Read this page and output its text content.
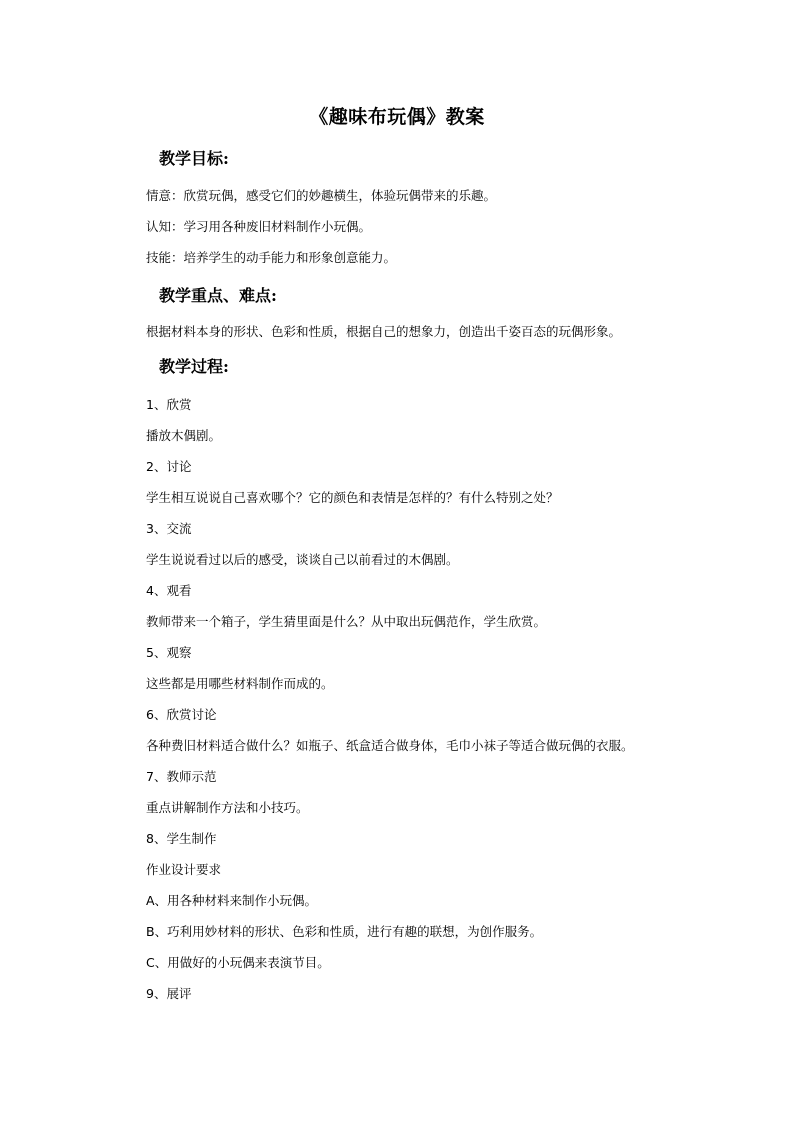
《趣味布玩偶》教案
教学目标:
情意：欣赏玩偶，感受它们的妙趣横生，体验玩偶带来的乐趣。
认知：学习用各种废旧材料制作小玩偶。
技能：培养学生的动手能力和形象创意能力。
教学重点、难点:
根据材料本身的形状、色彩和性质，根据自己的想象力，创造出千姿百态的玩偶形象。
教学过程:
1、欣赏
播放木偶剧。
2、讨论
学生相互说说自己喜欢哪个？它的颜色和表情是怎样的？有什么特别之处？
3、交流
学生说说看过以后的感受，谈谈自己以前看过的木偶剧。
4、观看
教师带来一个箱子，学生猜里面是什么？从中取出玩偶范作，学生欣赏。
5、观察
这些都是用哪些材料制作而成的。
6、欣赏讨论
各种费旧材料适合做什么？如瓶子、纸盒适合做身体，毛巾小袜子等适合做玩偶的衣服。
7、教师示范
重点讲解制作方法和小技巧。
8、学生制作
作业设计要求
A、用各种材料来制作小玩偶。
B、巧利用妙材料的形状、色彩和性质，进行有趣的联想，为创作服务。
C、用做好的小玩偶来表演节目。
9、展评
